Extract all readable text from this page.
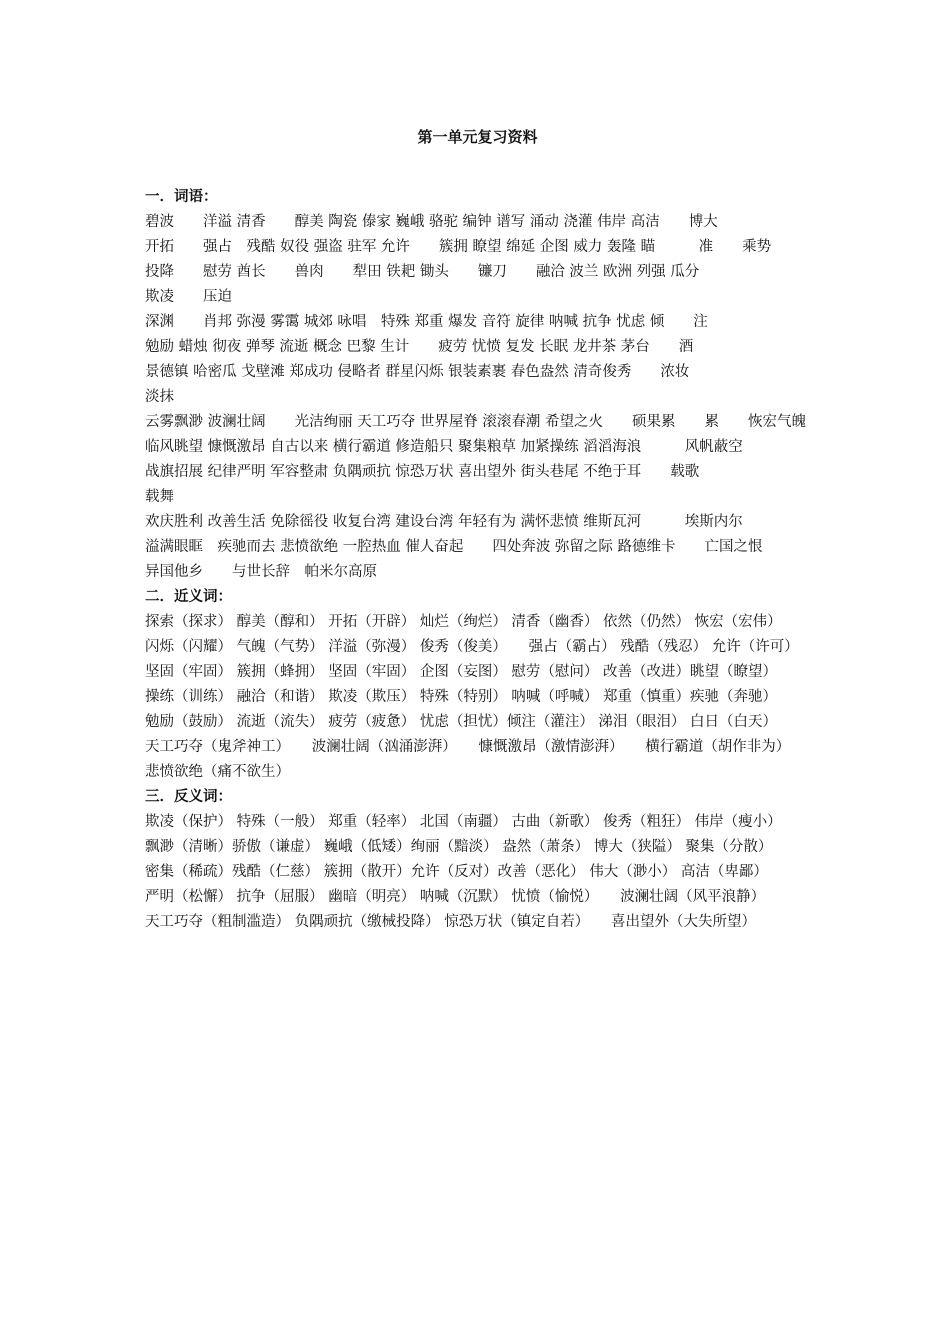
第一单元复习资料
一．词语：
碧波　　洋溢 清香　　醇美 陶瓷 傣家 巍峨 骆驼 编钟 谱写 涌动 浇灌 伟岸 高洁　　博大
开拓　　强占　残酷 奴役 强盗 驻军 允许　　簇拥 瞭望 绵延 企图 威力 轰隆 瞄　　　准　　乘势
投降　　慰劳 酋长　　兽肉　　犁田 铁耙 锄头　　镰刀　　融洽 波兰 欧洲 列强 瓜分
欺凌　　压迫
深渊　　肖邦 弥漫 雾霭 城郊 咏唱　特殊 郑重 爆发 音符 旋律 呐喊 抗争 忧虑 倾　　注
勉励 蜡烛 彻夜 弹琴 流逝 概念 巴黎 生计　　疲劳 忧愤 复发 长眠 龙井茶 茅台　　酒
景德镇 哈密瓜 戈壁滩 郑成功 侵略者 群星闪烁 银装素裹 春色盎然 清奇俊秀　　浓妆
淡抹
云雾飘渺 波澜壮阔　　光洁绚丽 天工巧夺 世界屋脊 滚滚春潮 希望之火　　硕果累　　累　　恢宏气魄
临风眺望 慷慨激昂 自古以来 横行霸道 修造船只 聚集粮草 加紧操练 滔滔海浪　　　风帆蔽空
战旗招展 纪律严明 军容整肃 负隅顽抗 惊恐万状 喜出望外 街头巷尾 不绝于耳　　载歌
载舞
欢庆胜利 改善生活 免除徭役 收复台湾 建设台湾 年轻有为 满怀悲愤 维斯瓦河　　　埃斯内尔
溢满眼眶　疾驰而去 悲愤欲绝 一腔热血 催人奋起　　四处奔波 弥留之际 路德维卡　　亡国之恨
异国他乡　　与世长辞　帕米尔高原
二．近义词：
探索（探求） 醇美（醇和） 开拓（开辟） 灿烂（绚烂） 清香（幽香） 依然（仍然） 恢宏（宏伟）
闪烁（闪耀） 气魄（气势） 洋溢（弥漫） 俊秀（俊美）　　强占（霸占） 残酷（残忍） 允许（许可）
坚固（牢固） 簇拥（蜂拥） 坚固（牢固） 企图（妄图） 慰劳（慰问） 改善（改进）眺望（瞭望）
操练（训练） 融洽（和谐） 欺凌（欺压） 特殊（特别） 呐喊（呼喊） 郑重（慎重）疾驰（奔驰）
勉励（鼓励） 流逝（流失） 疲劳（疲惫） 忧虑（担忧）倾注（灌注） 涕泪（眼泪） 白日（白天）
天工巧夺（鬼斧神工）　　波澜壮阔（汹涌澎湃）　　慷慨激昂（激情澎湃）　　横行霸道（胡作非为）
悲愤欲绝（痛不欲生）
三．反义词：
欺凌（保护） 特殊（一般） 郑重（轻率） 北国（南疆） 古曲（新歌） 俊秀（粗狂） 伟岸（瘦小）
飘渺（清晰）骄傲（谦虚） 巍峨（低矮）绚丽（黯淡） 盎然（萧条） 博大（狭隘） 聚集（分散）
密集（稀疏）残酷（仁慈） 簇拥（散开）允许（反对）改善（恶化） 伟大（渺小） 高洁（卑鄙）
严明（松懈） 抗争（屈服） 幽暗（明亮） 呐喊（沉默） 忧愤（愉悦）　　波澜壮阔（风平浪静）
天工巧夺（粗制滥造） 负隅顽抗（缴械投降） 惊恐万状（镇定自若）　　喜出望外（大失所望）
